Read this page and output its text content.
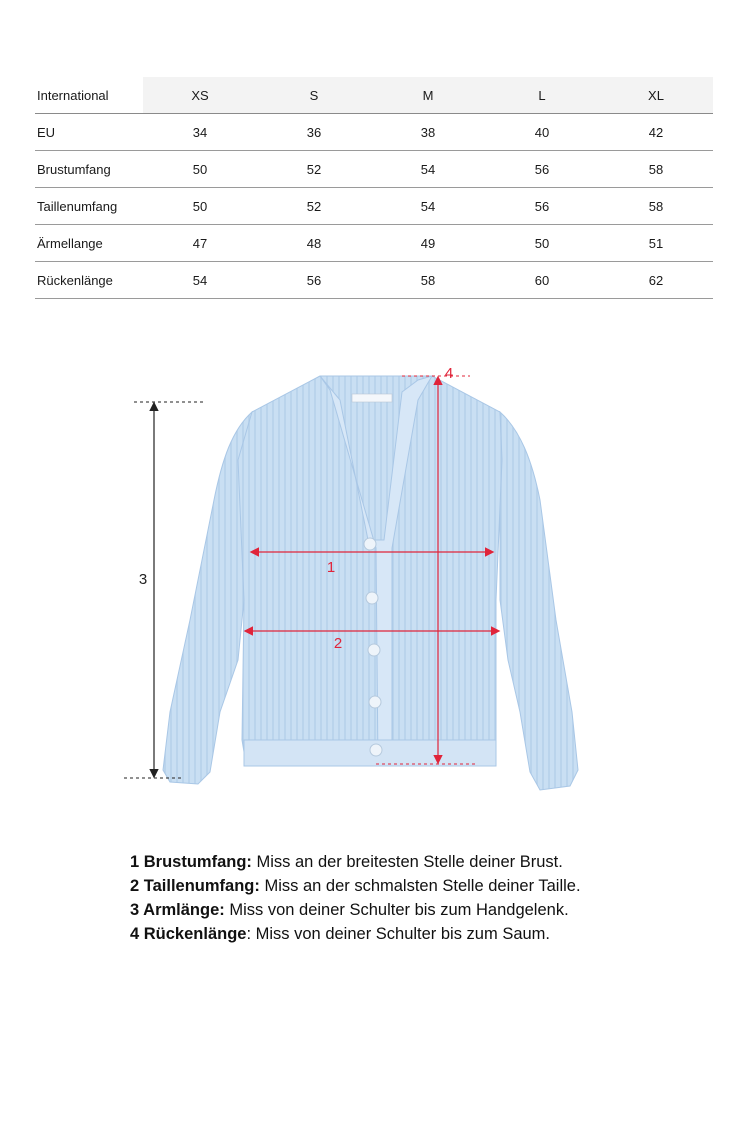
International	XS	S	M	L	XL
EU	34	36	38	40	42
Brustumfang	50	52	54	56	58
Taillenumfang	50	52	54	56	58
Ärmellange	47	48	49	50	51
Rückenlänge	54	56	58	60	62
1
2
3
4
1 Brustumfang: Miss an der breitesten Stelle deiner Brust.
2 Taillenumfang: Miss an der schmalsten Stelle deiner Taille.
3 Armlänge: Miss von deiner Schulter bis zum Handgelenk.
4 Rückenlänge: Miss von deiner Schulter bis zum Saum.
